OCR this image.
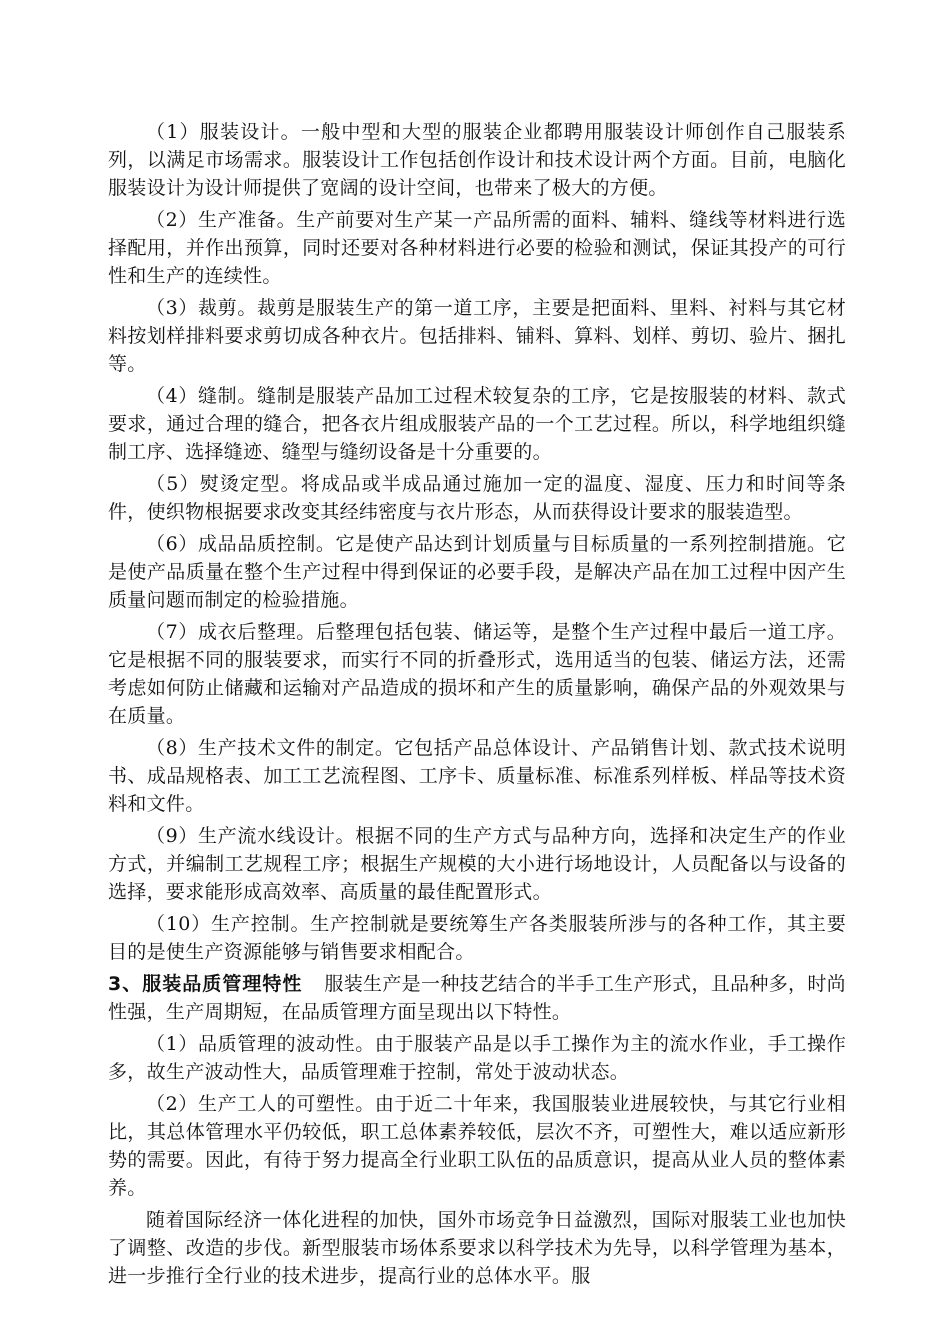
（1）服装设计。一般中型和大型的服装企业都聘用服装设计师创作自己服装系列，以满足市场需求。服装设计工作包括创作设计和技术设计两个方面。目前，电脑化服装设计为设计师提供了宽阔的设计空间，也带来了极大的方便。

（2）生产准备。生产前要对生产某一产品所需的面料、辅料、缝线等材料进行选择配用，并作出预算，同时还要对各种材料进行必要的检验和测试，保证其投产的可行性和生产的连续性。

（3）裁剪。裁剪是服装生产的第一道工序，主要是把面料、里料、衬料与其它材料按划样排料要求剪切成各种衣片。包括排料、铺料、算料、划样、剪切、验片、捆扎等。

（4）缝制。缝制是服装产品加工过程术较复杂的工序，它是按服装的材料、款式要求，通过合理的缝合，把各衣片组成服装产品的一个工艺过程。所以，科学地组织缝制工序、选择缝迹、缝型与缝纫设备是十分重要的。

（5）熨烫定型。将成品或半成品通过施加一定的温度、湿度、压力和时间等条件，使织物根据要求改变其经纬密度与衣片形态，从而获得设计要求的服装造型。

（6）成品品质控制。它是使产品达到计划质量与目标质量的一系列控制措施。它是使产品质量在整个生产过程中得到保证的必要手段，是解决产品在加工过程中因产生质量问题而制定的检验措施。

（7）成衣后整理。后整理包括包装、储运等，是整个生产过程中最后一道工序。它是根据不同的服装要求，而实行不同的折叠形式，选用适当的包装、储运方法，还需考虑如何防止储藏和运输对产品造成的损坏和产生的质量影响，确保产品的外观效果与在质量。

（8）生产技术文件的制定。它包括产品总体设计、产品销售计划、款式技术说明书、成品规格表、加工工艺流程图、工序卡、质量标准、标准系列样板、样品等技术资料和文件。

（9）生产流水线设计。根据不同的生产方式与品种方向，选择和决定生产的作业方式，并编制工艺规程工序；根据生产规模的大小进行场地设计，人员配备以与设备的选择，要求能形成高效率、高质量的最佳配置形式。

（10）生产控制。生产控制就是要统筹生产各类服装所涉与的各种工作，其主要目的是使生产资源能够与销售要求相配合。

3、服装品质管理特性 服装生产是一种技艺结合的半手工生产形式，且品种多，时尚性强，生产周期短，在品质管理方面呈现出以下特性。

（1）品质管理的波动性。由于服装产品是以手工操作为主的流水作业，手工操作多，故生产波动性大，品质管理难于控制，常处于波动状态。

（2）生产工人的可塑性。由于近二十年来，我国服装业进展较快，与其它行业相比，其总体管理水平仍较低，职工总体素养较低，层次不齐，可塑性大，难以适应新形势的需要。因此，有待于努力提高全行业职工队伍的品质意识，提高从业人员的整体素养。

随着国际经济一体化进程的加快，国外市场竞争日益激烈，国际对服装工业也加快了调整、改造的步伐。新型服装市场体系要求以科学技术为先导，以科学管理为基本，进一步推行全行业的技术进步，提高行业的总体水平。服
